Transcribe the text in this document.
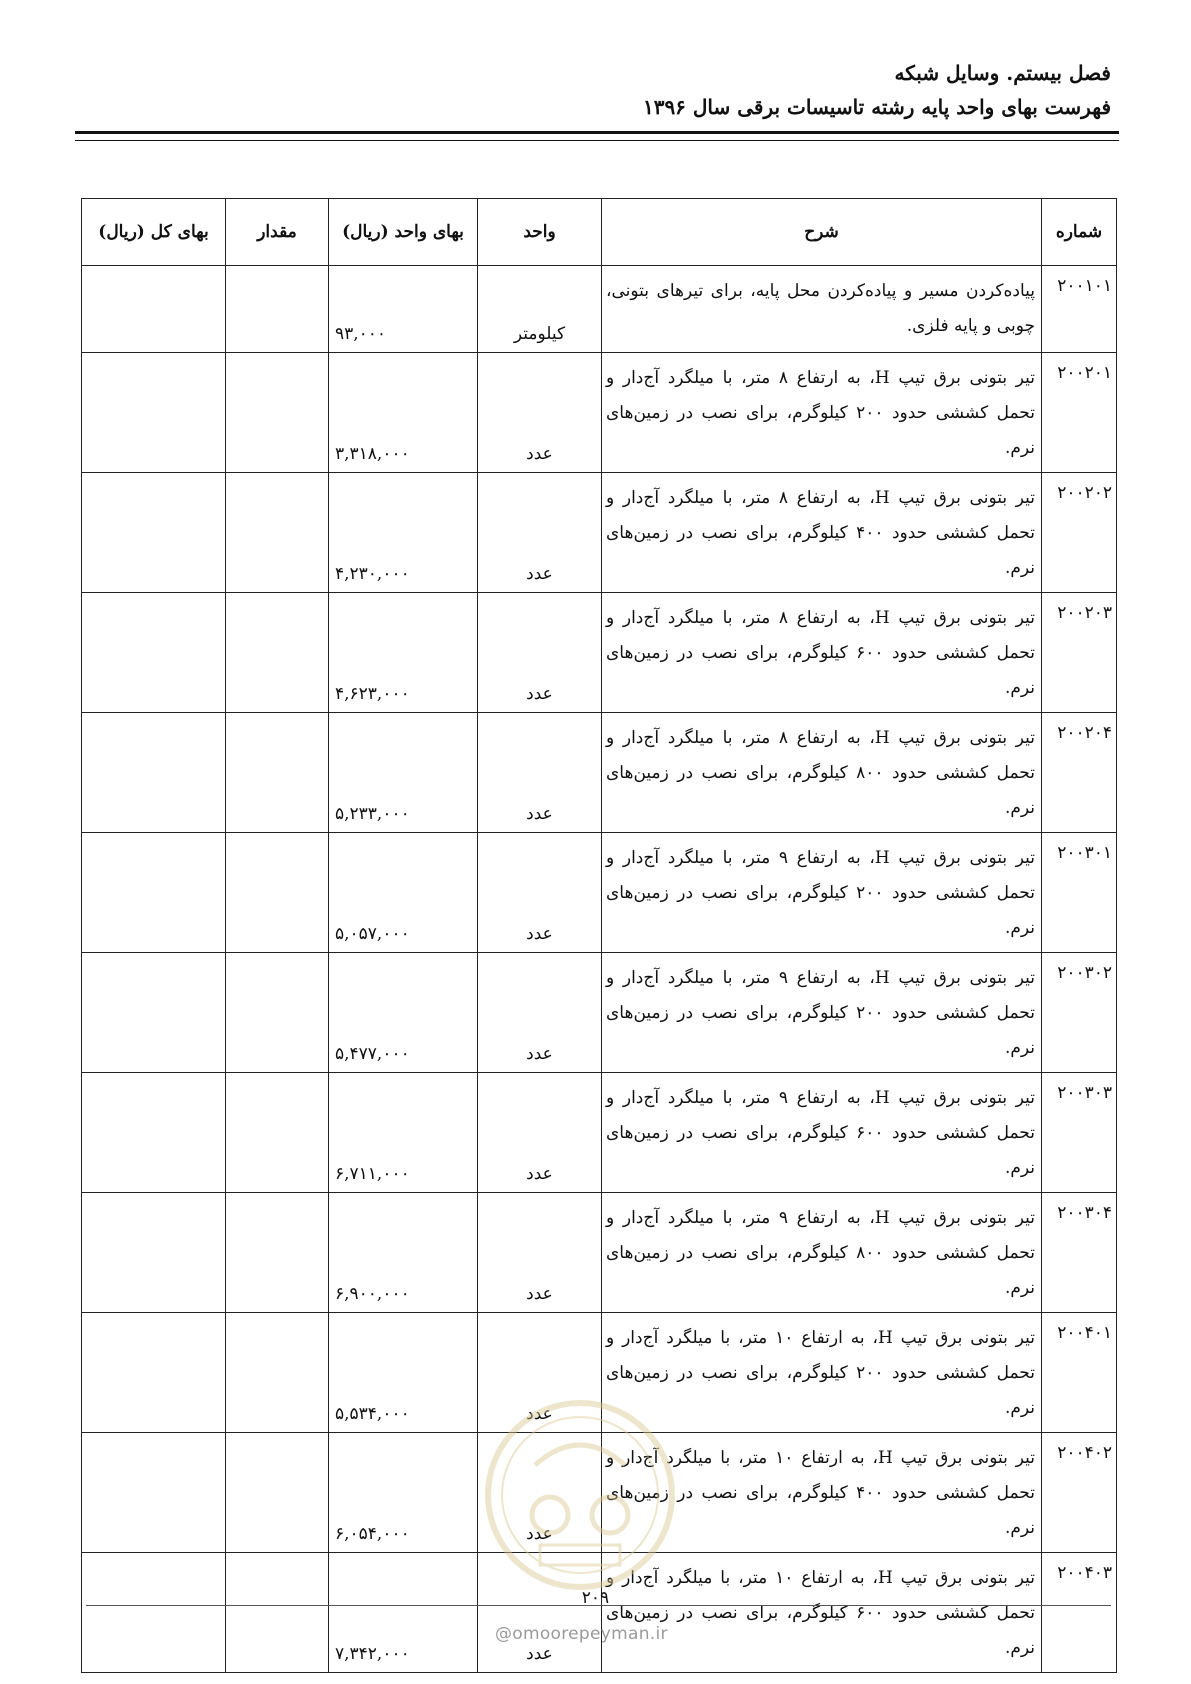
فصل بیستم. وسایل شبکه
فهرست بهای واحد پایه رشته تاسیسات برقی سال ۱۳۹۶
شماره	شرح	واحد	بهای واحد (ریال)	مقدار	بهای کل (ریال)
۲۰۰۱۰۱	پیاده‌کردن مسیر و پیاده‌کردن محل پایه، برای تیرهای بتونی، چوبی و پایه فلزی.	کیلومتر	۹۳,۰۰۰		
۲۰۰۲۰۱	تیر بتونی برق تیپ H، به ارتفاع ۸ متر، با میلگرد آج‌دار و تحمل کششی حدود ۲۰۰ کیلوگرم، برای نصب در زمین‌های نرم.	عدد	۳,۳۱۸,۰۰۰		
۲۰۰۲۰۲	تیر بتونی برق تیپ H، به ارتفاع ۸ متر، با میلگرد آج‌دار و تحمل کششی حدود ۴۰۰ کیلوگرم، برای نصب در زمین‌های نرم.	عدد	۴,۲۳۰,۰۰۰		
۲۰۰۲۰۳	تیر بتونی برق تیپ H، به ارتفاع ۸ متر، با میلگرد آج‌دار و تحمل کششی حدود ۶۰۰ کیلوگرم، برای نصب در زمین‌های نرم.	عدد	۴,۶۲۳,۰۰۰		
۲۰۰۲۰۴	تیر بتونی برق تیپ H، به ارتفاع ۸ متر، با میلگرد آج‌دار و تحمل کششی حدود ۸۰۰ کیلوگرم، برای نصب در زمین‌های نرم.	عدد	۵,۲۳۳,۰۰۰		
۲۰۰۳۰۱	تیر بتونی برق تیپ H، به ارتفاع ۹ متر، با میلگرد آج‌دار و تحمل کششی حدود ۲۰۰ کیلوگرم، برای نصب در زمین‌های نرم.	عدد	۵,۰۵۷,۰۰۰		
۲۰۰۳۰۲	تیر بتونی برق تیپ H، به ارتفاع ۹ متر، با میلگرد آج‌دار و تحمل کششی حدود ۲۰۰ کیلوگرم، برای نصب در زمین‌های نرم.	عدد	۵,۴۷۷,۰۰۰		
۲۰۰۳۰۳	تیر بتونی برق تیپ H، به ارتفاع ۹ متر، با میلگرد آج‌دار و تحمل کششی حدود ۶۰۰ کیلوگرم، برای نصب در زمین‌های نرم.	عدد	۶,۷۱۱,۰۰۰		
۲۰۰۳۰۴	تیر بتونی برق تیپ H، به ارتفاع ۹ متر، با میلگرد آج‌دار و تحمل کششی حدود ۸۰۰ کیلوگرم، برای نصب در زمین‌های نرم.	عدد	۶,۹۰۰,۰۰۰		
۲۰۰۴۰۱	تیر بتونی برق تیپ H، به ارتفاع ۱۰ متر، با میلگرد آج‌دار و تحمل کششی حدود ۲۰۰ کیلوگرم، برای نصب در زمین‌های نرم.	عدد	۵,۵۳۴,۰۰۰		
۲۰۰۴۰۲	تیر بتونی برق تیپ H، به ارتفاع ۱۰ متر، با میلگرد آج‌دار و تحمل کششی حدود ۴۰۰ کیلوگرم، برای نصب در زمین‌های نرم.	عدد	۶,۰۵۴,۰۰۰		
۲۰۰۴۰۳	تیر بتونی برق تیپ H، به ارتفاع ۱۰ متر، با میلگرد آج‌دار و تحمل کششی حدود ۶۰۰ کیلوگرم، برای نصب در زمین‌های نرم.	عدد	۷,۳۴۲,۰۰۰		
۲۰۹
@omoorepeyman.ir
